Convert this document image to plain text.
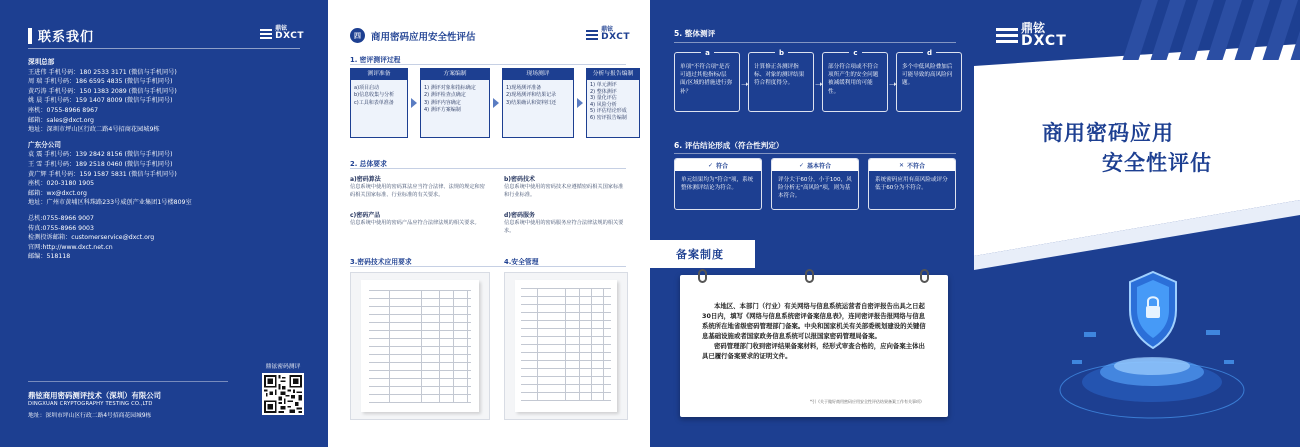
联系我们
鼎铉
DXCT
深圳总部
王进伟 手机号码：180 2533 3171 (微信与手机同号)
周 瑞 手机号码：186 6595 4835 (微信与手机同号)
黄巧涛 手机号码：150 1383 2089 (微信与手机同号)
姚 晨 手机号码：159 1407 8009 (微信与手机同号)
座机：0755-8966 8967
邮箱：sales@dxct.org
地址：深圳市坪山区行政二路4号招商花园城9栋
广东分公司
袁 震 手机号码：139 2842 8156 (微信与手机同号)
王 雪 手机号码：189 2518 0460 (微信与手机同号)
黄广辉 手机号码：159 1587 5831 (微信与手机同号)
座机：020-3180 1905
邮箱：wx@dxct.org
地址：广州市黄埔区科珠路233号威创产业集团1号楼809室
总机:0755-8966 9007
传真:0755-8966 9003
检测投诉邮箱：customerservice@dxct.org
官网:http://www.dxct.net.cn
邮编：518118
鼎铉密码测评
鼎铉商用密码测评技术（深圳）有限公司
DINGXUAN CRYPTOGRAPHY TESTING CO.,LTD
地址：深圳市坪山区行政二路4号招商花园城9栋
四	商用密码应用安全性评估
鼎铉
DXCT
1. 密评测评过程
测评准备
a)项目启动
b)信息收集与分析
c)工具和表单准备
方案编制
1) 测评对象和指标确定
2) 测评检查点确定
3) 测评内容确定
4) 测评方案编制
现场测评
1)现场测评准备
2)现场测评和结果记录
3)结果确认和资料归还
分析与报告编制
1) 单元测评
2) 整体测评
3) 量化评估
4) 风险分析
5) 评估结论形成
6) 密评报告编制
2. 总体要求
a)密码算法
信息系统中使用的密码算法应当符合法律、法规的规定和密码相关国家标准、行业标准的有关要求。
b)密码技术
信息系统中使用的密码技术应遵循密码相关国家标准和行业标准。
c)密码产品
信息系统中使用的密码产品应符合法律法规的相关要求。
d)密码服务
信息系统中使用的密码服务应符合法律法规的相关要求。
3.密码技术应用要求	4.安全管理
5. 整体测评
a
单项"不符合项"是否可通过其他指标/层面/区域的措施进行弥补？
➝
b
计算修正各测评指标、对象的测评结果符合程度得分。	➝
c
部分符合项或不符合项所产生的安全问题被减缓利用的可能性。
➝
d
多个中低风险叠加后可能导致的高风险问题。
6. 评估结论形成（符合性判定）
✓ 符合
单元结果均为"符合"项，系统整体测评结论为符合。
✓ 基本符合
评分大于60分，小于100，风险分析无"高风险"项，则为基本符合。
✕ 不符合
系统密码应用有高风险或评分低于60分为不符合。
备案制度

本地区、本部门（行业）有关网络与信息系统运营者自密评报告出具之日起30日内，填写《网络与信息系统密评备案信息表》，连同密评报告报网络与信息系统所在地省级密码管理部门备案。中央和国家机关有关部委规划建设的关键信息基础设施或者国家政务信息系统可以报国家密码管理局备案。

密码管理部门收到密评结果备案材料，经形式审查合格的，应向备案主体出具已履行备案要求的证明文件。

*引《关于做好商用密码应用安全性评估结果备案工作有关事项》
鼎铉
DXCT
商用密码应用
安全性评估
